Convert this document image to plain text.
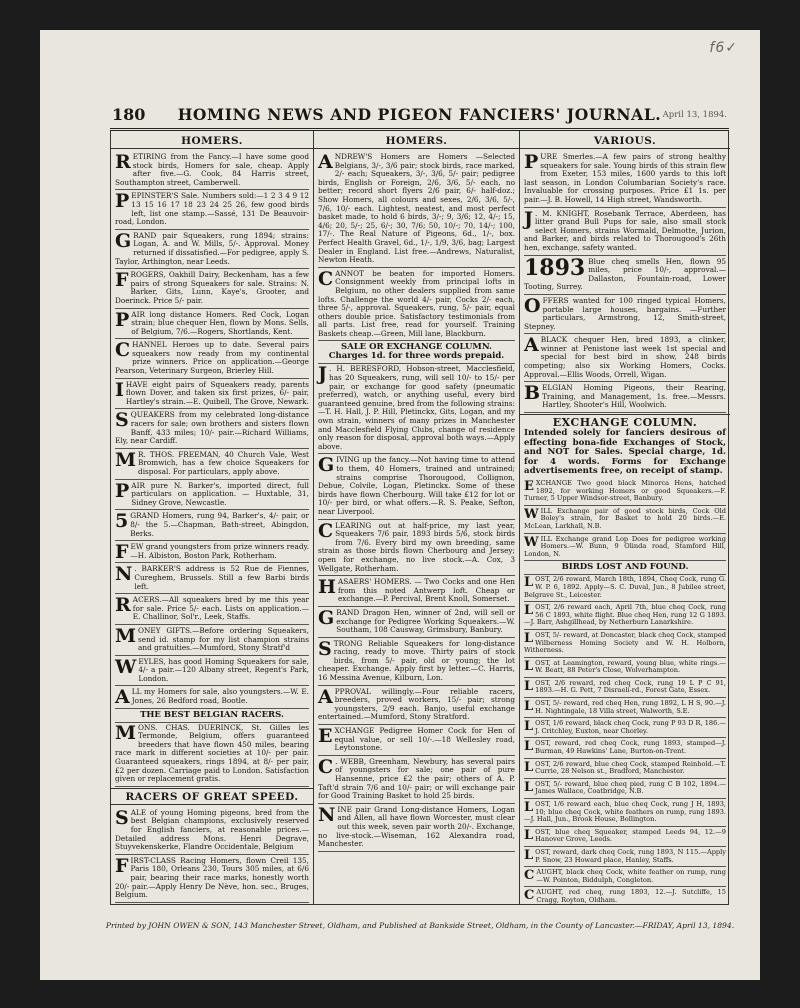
f6✓
180	HOMING NEWS AND PIGEON FANCIERS' JOURNAL. April 13, 1894.
HOMERS.
RETIRING from the Fancy.—I have some good stock birds, Homers for sale, cheap. Apply after five.—G. Cook, 84 Harris street, Southampton street, Camberwell.
PEPINSTER'S Sale. Numbers sold:—1 2 3 4 9 12 13 15 16 17 18 23 24 25 26, few good birds left, list one stamp.—Sassé, 131 De Beauvoir-road, London.
GRAND pair Squeakers, rung 1894; strains: Logan, A. and W. Mills, 5/-. Approval. Money returned if dissatisfied.—For pedigree, apply S. Taylor, Arthington, near Leeds.
FROGERS, Oakhill Dairy, Beckenham, has a few pairs of strong Squeakers for sale. Strains: N. Barker, Gits, Lunn, Kaye's, Grooter, and Doerinck. Price 5/- pair.
PAIR long distance Homers. Red Cock, Logan strain; blue chequer Hen, flown by Mons. Sells, of Belgium, 7/6.—Rogers, Shortlands, Kent.
CHANNEL Heroes up to date. Several pairs squeakers now ready from my continental prize winners. Price on application.—George Pearson, Veterinary Surgeon, Brierley Hill.
IHAVE eight pairs of Squeakers ready, parents flown Dover, and taken six first prizes, 6/- pair, Hartley's strain.—E. Quibell, The Grove, Newark.
SQUEAKERS from my celebrated long-distance racers for sale; own brothers and sisters flown Banff, 433 miles; 10/- pair.—Richard Williams, Ely, near Cardiff.
M R. THOS. FREEMAN, 40 Church Vale, West Bromwich, has a few choice Squeakers for disposal. For particulars, apply above.
PAIR pure N. Barker's, imported direct, full particulars on application. — Huxtable, 31, Sidney Grove, Newcastle.
5 GRAND Homers, rung 94, Barker's, 4/- pair, or 8/- the 5.—Chapman, Bath-street, Abingdon, Berks.
FEW grand youngsters from prize winners ready.—H. Albiston, Boston Park, Rotherham.
N . BARKER'S address is 52 Rue de Fiennes, Cureghem, Brussels. Still a few Barbi birds left.
RACERS.—All squeakers bred by me this year for sale. Price 5/- each. Lists on application.—E. Challinor, Sol'r., Leek, Staffs.
MONEY GIFTS.—Before ordering Squeakers, send id. stamp for my list champion strains and gratuities.—Mumford, Stony Stratf'd
WEYLES, has good Homing Squeakers for sale, 4/- a pair.—120 Albany street, Regent's Park, London.
ALL my Homers for sale, also youngsters.—W. E. Jones, 26 Bedford road, Bootle.
THE BEST BELGIAN RACERS.
MONS. CHAS. DUERINCK, St. Gilles les Termonde, Belgium, offers guaranteed breeders that have flown 450 miles, bearing race mark in different societies at 10/- per pair. Guaranteed squeakers, rings 1894, at 8/- per pair, £2 per dozen. Carriage paid to London. Satisfaction given or replacement gratis.
RACERS OF GREAT SPEED.
SALE of young Homing pigeons, bred from the best Belgian champions, exclusively reserved for English fanciers, at reasonable prices.—Detailed address Mons. Henri Degrave, Stuyvekenskerke, Flandre Occidentale, Belgium
FIRST-CLASS Racing Homers, flown Creil 135, Paris 180, Orleans 230, Tours 305 miles, at 6/6 pair, bearing their race marks, honestly worth 20/- pair.—Apply Henry De Nève, hon. sec., Bruges, Belgium.
HOMERS.
ANDREW'S Homers are Homers —Selected Belgians, 3/-, 3/6 pair; stock birds, race marked, 2/- each; Squeakers, 3/-, 3/6, 5/- pair; pedigree birds, English or Foreign, 2/6, 3/6, 5/- each, no better; record short flyers 2/6 pair, 6/- half-doz.; Show Homers, all colours and sexes, 2/6, 3/6, 5/-, 7/6, 10/- each. Lightest, neatest, and most perfect basket made, to hold 6 birds, 3/-; 9, 3/6; 12, 4/-; 15, 4/6; 20, 5/-; 25, 6/-; 30, 7/6; 50, 10/-; 70, 14/-; 100, 17/-. The Real Nature of Pigeons, 6d., 1/-, box. Perfect Health Gravel, 6d., 1/-, 1/9, 3/6, bag; Largest Dealer in England. List free.—Andrews, Naturalist, Newton Heath.
CANNOT be beaten for imported Homers. Consignment weekly from principal lofts in Belgium, no other dealers supplied from same lofts. Challenge the world 4/- pair, Cocks 2/- each, three 5/-, approval. Squeakers, rung, 5/- pair, equal others double price. Satisfactory testimonials from all parts. List free, read for yourself. Training Baskets cheap.—Green, Mill lane, Blackburn.
SALE OR EXCHANGE COLUMN.
Charges 1d. for three words prepaid.
J . H. BERESFORD, Hobson-street, Macclesfield, has 20 Squeakers, rung, will sell 10/- to 15/- per pair, or exchange for good safety (pneumatic preferred), watch, or anything useful, every bird guaranteed genuine, bred from the following strains:—T. H. Hall, J. P. Hill, Pletinckx, Gits, Logan, and my own strain, winners of many prizes in Manchester and Macclesfield Flying Clubs, change of residence only reason for disposal, approval both ways.—Apply above.
GIVING up the fancy.—Not having time to attend to them, 40 Homers, trained and untrained; strains comprise Thorougood, Collignon, Debue, Colvile, Logan, Pletinckx. Some of these birds have flown Cherbourg. Will take £12 for lot or 10/- per bird, or what offers.—R. S. Peake, Sefton, near Liverpool.
CLEARING out at half-price, my last year, Squeakers 7/6 pair, 1893 birds 5/6, stock birds from 7/6. Every bird my own breeding, same strain as those birds flown Cherbourg and Jersey; open for exchange, no live stock.—A. Cox, 3 Wellgate, Rotherham.
HASAERS' HOMERS. — Two Cocks and one Hen from this noted Antwerp loft. Cheap or exchange.—P. Percival, Brent Knoll, Somerset.
GRAND Dragon Hen, winner of 2nd, will sell or exchange for Pedigree Working Squeakers.—W. Southam, 108 Causway, Grimsbury, Banbury.
STRONG Reliable Squeakers for long-distance racing, ready to move. Thirty pairs of stock birds, from 5/- pair, old or young; the lot cheaper. Exchange. Apply first by letter.—C. Harris, 16 Messina Avenue, Kilburn, Lon.
APPROVAL willingly.—Four reliable racers, breeders, proved workers, 15/- pair; strong youngsters, 2/9 each. Banjo, useful exchange entertained.—Mumford, Stony Stratford.
EXCHANGE Pedigree Homer Cock for Hen of equal value, or sell 10/-.—18 Wellesley road, Leytonstone.
C . WEBB, Greenham, Newbury, has several pairs of youngsters for sale; one pair of pure Hansenne, price £2 the pair; others of A. P. Taft'd strain 7/6 and 10/- pair; or will exchange pair for Good Training Basket to hold 25 birds.
NINE pair Grand Long-distance Homers, Logan and Allen, all have flown Worcester, must clear out this week, seven pair worth 20/-. Exchange, no live-stock.—Wiseman, 162 Alexandra road, Manchester.
VARIOUS.
PURE Smerles.—A few pairs of strong healthy squeakers for sale. Young birds of this strain flew from Exeter, 153 miles, 1600 yards to this loft last season, in London Columbarian Society's race. Invaluable for crossing purposes. Price £1 1s. per pair.—J. B. Howell, 14 High street, Wandsworth.
J . M. KNIGHT, Rosebank Terrace, Aberdeen, has litter grand Bull Pups for sale, also small stock select Homers, strains Wormald, Delmotte, Jurion, and Barker, and birds related to Thorougood's 26th hen, exchange, safety wanted.
1893 Blue cheq smells Hen, flown 95 miles, price 10/-, approval.—Dallaston, Fountain-road, Lower Tooting, Surrey.
OFFERS wanted for 100 ringed typical Homers, portable large houses, bargains. —Further particulars, Armstrong, 12, Smith-street, Stepney.
ABLACK chequer Hen, bred 1893, a clinker, winner at Penistone last week 1st special and special for best bird in show, 248 birds competing; also six Working Homers, Cocks. Approval.—Ellis Woods, Orrell, Wigan.
BELGIAN Homing Pigeons, their Rearing, Training, and Management, 1s. free.—Messrs. Hartley, Shooter's Hill, Woolwich.
EXCHANGE COLUMN.
Intended solely for fanciers desirous of effecting bona-fide Exchanges of Stock, and NOT for Sales. Special charge, 1d. for 4 words. Forms for Exchange advertisements free, on receipt of stamp.
EXCHANGE Two good black Minorca Hens, hatched 1892, for working Homers or good Squeakers.—F. Turner, 5 Upper Windsor-street, Banbury.
WILL Exchange pair of good stock birds, Cock Old Boley's strain, for Basket to hold 20 birds.—E. McLean, Larkhall, N.B.
WILL Exchange grand Lop Does for pedigree working Homers.—W. Bunn, 9 Olinda road, Stamford Hill, London, N.
BIRDS LOST AND FOUND.
LOST, 2/6 reward, March 18th, 1894, Cheq Cock, rung G. W. P. 6, 1892. Apply—S. C. Duval, Jun., 8 Jubilee street, Belgrave St., Leicester.
LOST, 2/6 reward each, April 7th, blue cheq Cock, rung 56 C 1893, white flight. Blue cheq Hen, rung 12 G 1893.—J. Barr, Ashgillhead, by Netherburn Lanarkshire.
LOST, 5/- reward, at Doncaster, black cheq Cock, stamped Wilberness Homing Society and W. H. Holborn, Witherness.
LOST, at Leamington, reward, young blue, white rings.—W. Beatt, 88 Peter's Close, Wolverhampton.
LOST, 2/6 reward, red cheq Cock, rung 19 L P C 91, 1893.—H. G. Pett, 7 Disraeli-rd., Forest Gate, Essex.
LOST, 5/- reward, red cheq Hen, rung 1892, L H S, 90.—J. H. Nightingale, 18 Villa street, Walworth, S.E.
LOST, 1/6 reward, black cheq Cock, rung P 93 D R, 186.—J. Critchley, Euxton, near Chorley.
LOST, reward, red cheq Cock, rung 1893, stamped—J. Burman, 49 Hawkins' Lane, Burton-on-Trent.
LOST, 2/6 reward, blue cheq Cock, stamped Reinhold.—T. Currie, 28 Nelson st., Bradford, Manchester.
LOST, 5/- reward, blue cheq pied, rung C B 102, 1894.—James Wallace, Coatbridge, N.B.
LOST, 1/6 reward each, blue cheq Cock, rung J H, 1893, 10; blue cheq Cock, white feathers on rump, rung 1893.—J. Hall, Jun., Brook House, Bollington.
LOST, blue cheq Squeaker, stamped Leeds 94, 12.—9 Hanover Grove, Leeds.
LOST, reward, dark cheq Cock, rung 1893, N 115.—Apply P. Snow, 23 Howard place, Hanley, Staffs.
CAUGHT, black cheq Cock, white feather on rump, rung—W. Pointon, Biddulph, Congleton.
CAUGHT, red cheq, rung 1893, 12.—J. Sutcliffe, 15 Cragg, Royton, Oldham.
Printed by JOHN OWEN & SON, 143 Manchester Street, Oldham, and Published at Bankside Street, Oldham, in the County of Lancaster.—FRIDAY, April 13, 1894.
